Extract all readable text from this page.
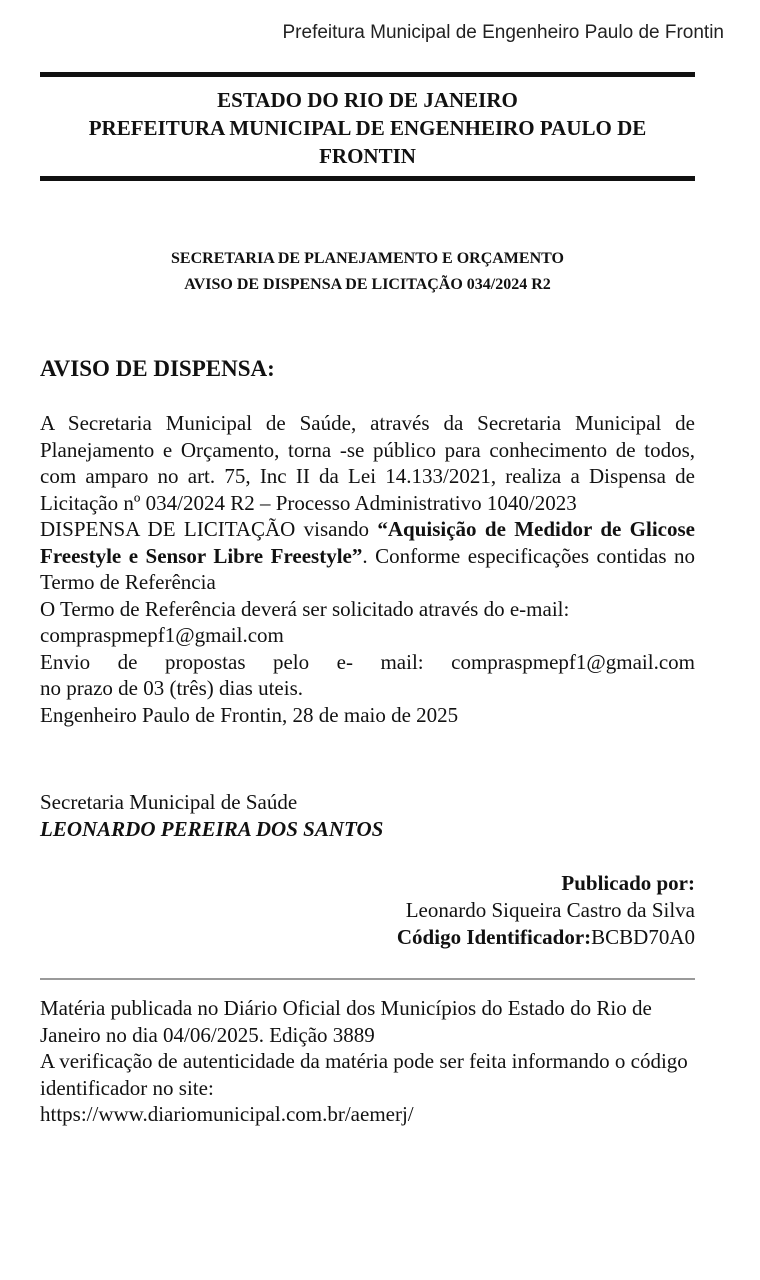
Prefeitura Municipal de Engenheiro Paulo de Frontin
ESTADO DO RIO DE JANEIRO
PREFEITURA MUNICIPAL DE ENGENHEIRO PAULO DE
FRONTIN
SECRETARIA DE PLANEJAMENTO E ORÇAMENTO
AVISO DE DISPENSA DE LICITAÇÃO 034/2024 R2
AVISO DE DISPENSA:

A Secretaria Municipal de Saúde, através da Secretaria Municipal de Planejamento e Orçamento, torna -se público para conhecimento de todos, com amparo no art. 75, Inc II da Lei 14.133/2021, realiza a Dispensa de Licitação nº 034/2024 R2 – Processo Administrativo 1040/2023

DISPENSA DE LICITAÇÃO visando “Aquisição de Medidor de Glicose Freestyle e Sensor Libre Freestyle”. Conforme especificações contidas no Termo de Referência

O Termo de Referência deverá ser solicitado através do e-mail:

compraspmepf1@gmail.com

Envio de propostas pelo e- mail: compraspmepf1@gmail.com

no prazo de 03 (três) dias uteis.

Engenheiro Paulo de Frontin, 28 de maio de 2025

Secretaria Municipal de Saúde
LEONARDO PEREIRA DOS SANTOS
Publicado por:
Leonardo Siqueira Castro da Silva
Código Identificador:BCBD70A0

Matéria publicada no Diário Oficial dos Municípios do Estado do Rio de Janeiro no dia 04/06/2025. Edição 3889

A verificação de autenticidade da matéria pode ser feita informando o código identificador no site:

https://www.diariomunicipal.com.br/aemerj/
